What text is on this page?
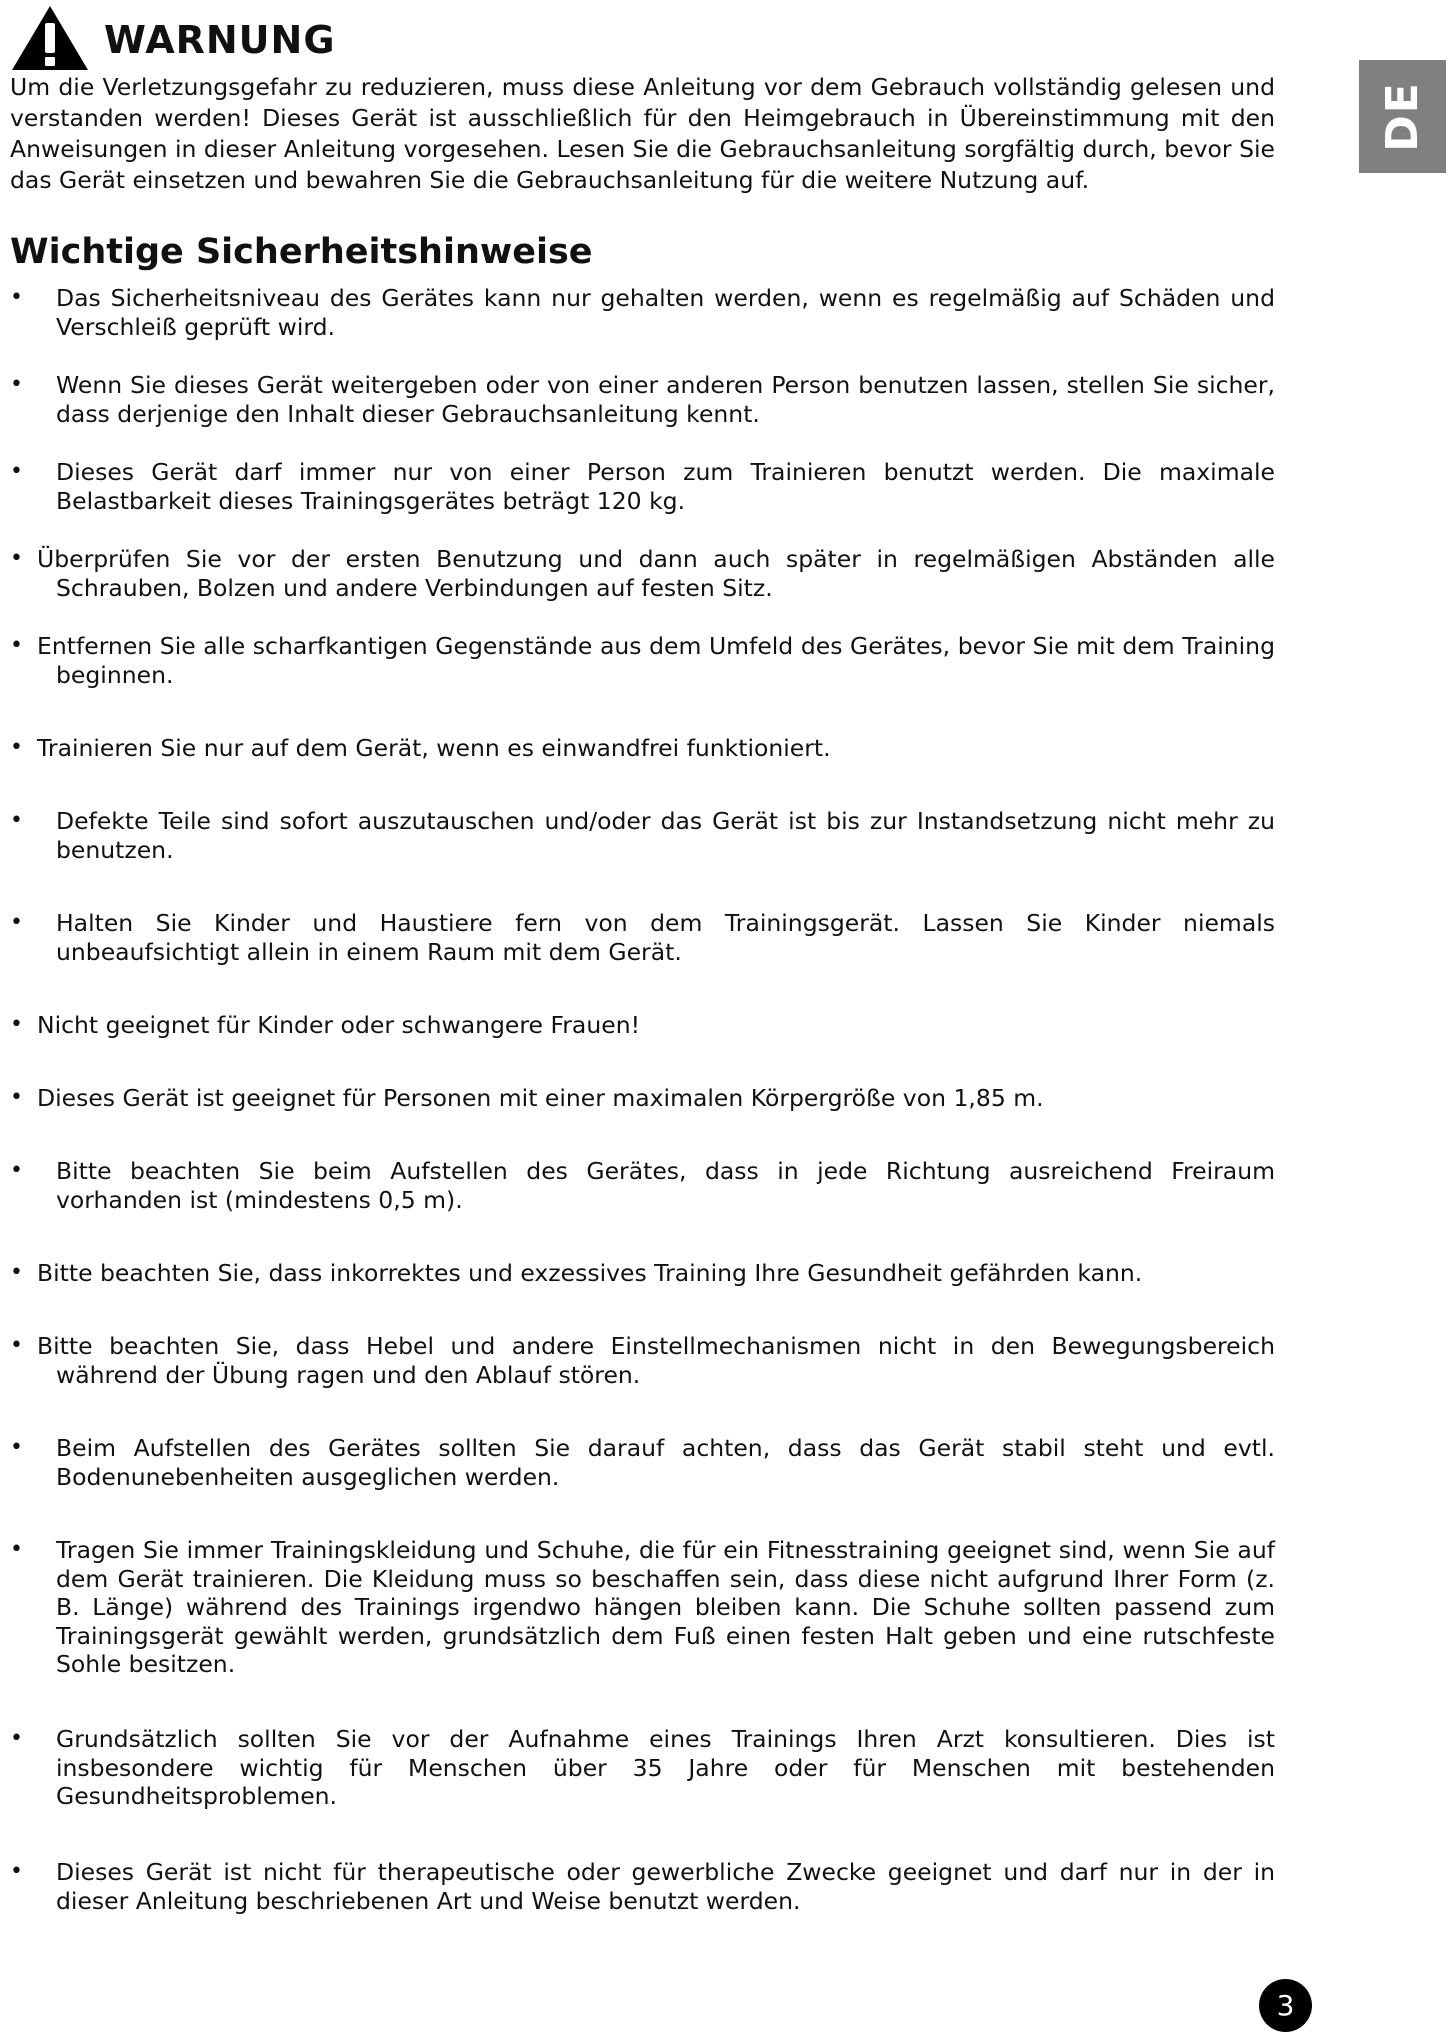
WARNUNG

Um die Verletzungsgefahr zu reduzieren, muss diese Anleitung vor dem Gebrauch vollständig gelesen und verstanden werden! Dieses Gerät ist ausschließlich für den Heimgebrauch in Übereinstimmung mit den Anweisungen in dieser Anleitung vorgesehen. Lesen Sie die Gebrauchsanleitung sorgfältig durch, bevor Sie das Gerät einsetzen und bewahren Sie die Gebrauchsanleitung für die weitere Nutzung auf.

DE
Wichtige Sicherheitshinweise
•	Das Sicherheitsniveau des Gerätes kann nur gehalten werden, wenn es regelmäßig auf Schäden und Verschleiß geprüft wird.
•	Wenn Sie dieses Gerät weitergeben oder von einer anderen Person benutzen lassen, stellen Sie sicher, dass derjenige den Inhalt dieser Gebrauchsanleitung kennt.
•	Dieses Gerät darf immer nur von einer Person zum Trainieren benutzt werden. Die maximale Belastbarkeit dieses Trainingsgerätes beträgt 120 kg.
• Überprüfen Sie vor der ersten Benutzung und dann auch später in regelmäßigen Abständen alle Schrauben, Bolzen und andere Verbindungen auf festen Sitz.
• Entfernen Sie alle scharfkantigen Gegenstände aus dem Umfeld des Gerätes, bevor Sie mit dem Training beginnen.
• Trainieren Sie nur auf dem Gerät, wenn es einwandfrei funktioniert.
•	Defekte Teile sind sofort auszutauschen und/oder das Gerät ist bis zur Instandsetzung nicht mehr zu benutzen.
•	Halten Sie Kinder und Haustiere fern von dem Trainingsgerät. Lassen Sie Kinder niemals unbeaufsichtigt allein in einem Raum mit dem Gerät.
• Nicht geeignet für Kinder oder schwangere Frauen!
• Dieses Gerät ist geeignet für Personen mit einer maximalen Körpergröße von 1,85 m.
•	Bitte beachten Sie beim Aufstellen des Gerätes, dass in jede Richtung ausreichend Freiraum vorhanden ist (mindestens 0,5 m).
• Bitte beachten Sie, dass inkorrektes und exzessives Training Ihre Gesundheit gefährden kann.
• Bitte beachten Sie, dass Hebel und andere Einstellmechanismen nicht in den Bewegungsbereich während der Übung ragen und den Ablauf stören.
•	Beim Aufstellen des Gerätes sollten Sie darauf achten, dass das Gerät stabil steht und evtl. Bodenunebenheiten ausgeglichen werden.
•	Tragen Sie immer Trainingskleidung und Schuhe, die für ein Fitnesstraining geeignet sind, wenn Sie auf dem Gerät trainieren. Die Kleidung muss so beschaffen sein, dass diese nicht aufgrund Ihrer Form (z. B. Länge) während des Trainings irgendwo hängen bleiben kann. Die Schuhe sollten passend zum Trainingsgerät gewählt werden, grundsätzlich dem Fuß einen festen Halt geben und eine rutschfeste Sohle besitzen.
•	Grundsätzlich sollten Sie vor der Aufnahme eines Trainings Ihren Arzt konsultieren. Dies ist insbesondere wichtig für Menschen über 35 Jahre oder für Menschen mit bestehenden Gesundheitsproblemen.
•	Dieses Gerät ist nicht für therapeutische oder gewerbliche Zwecke geeignet und darf nur in der in dieser Anleitung beschriebenen Art und Weise benutzt werden.
3
